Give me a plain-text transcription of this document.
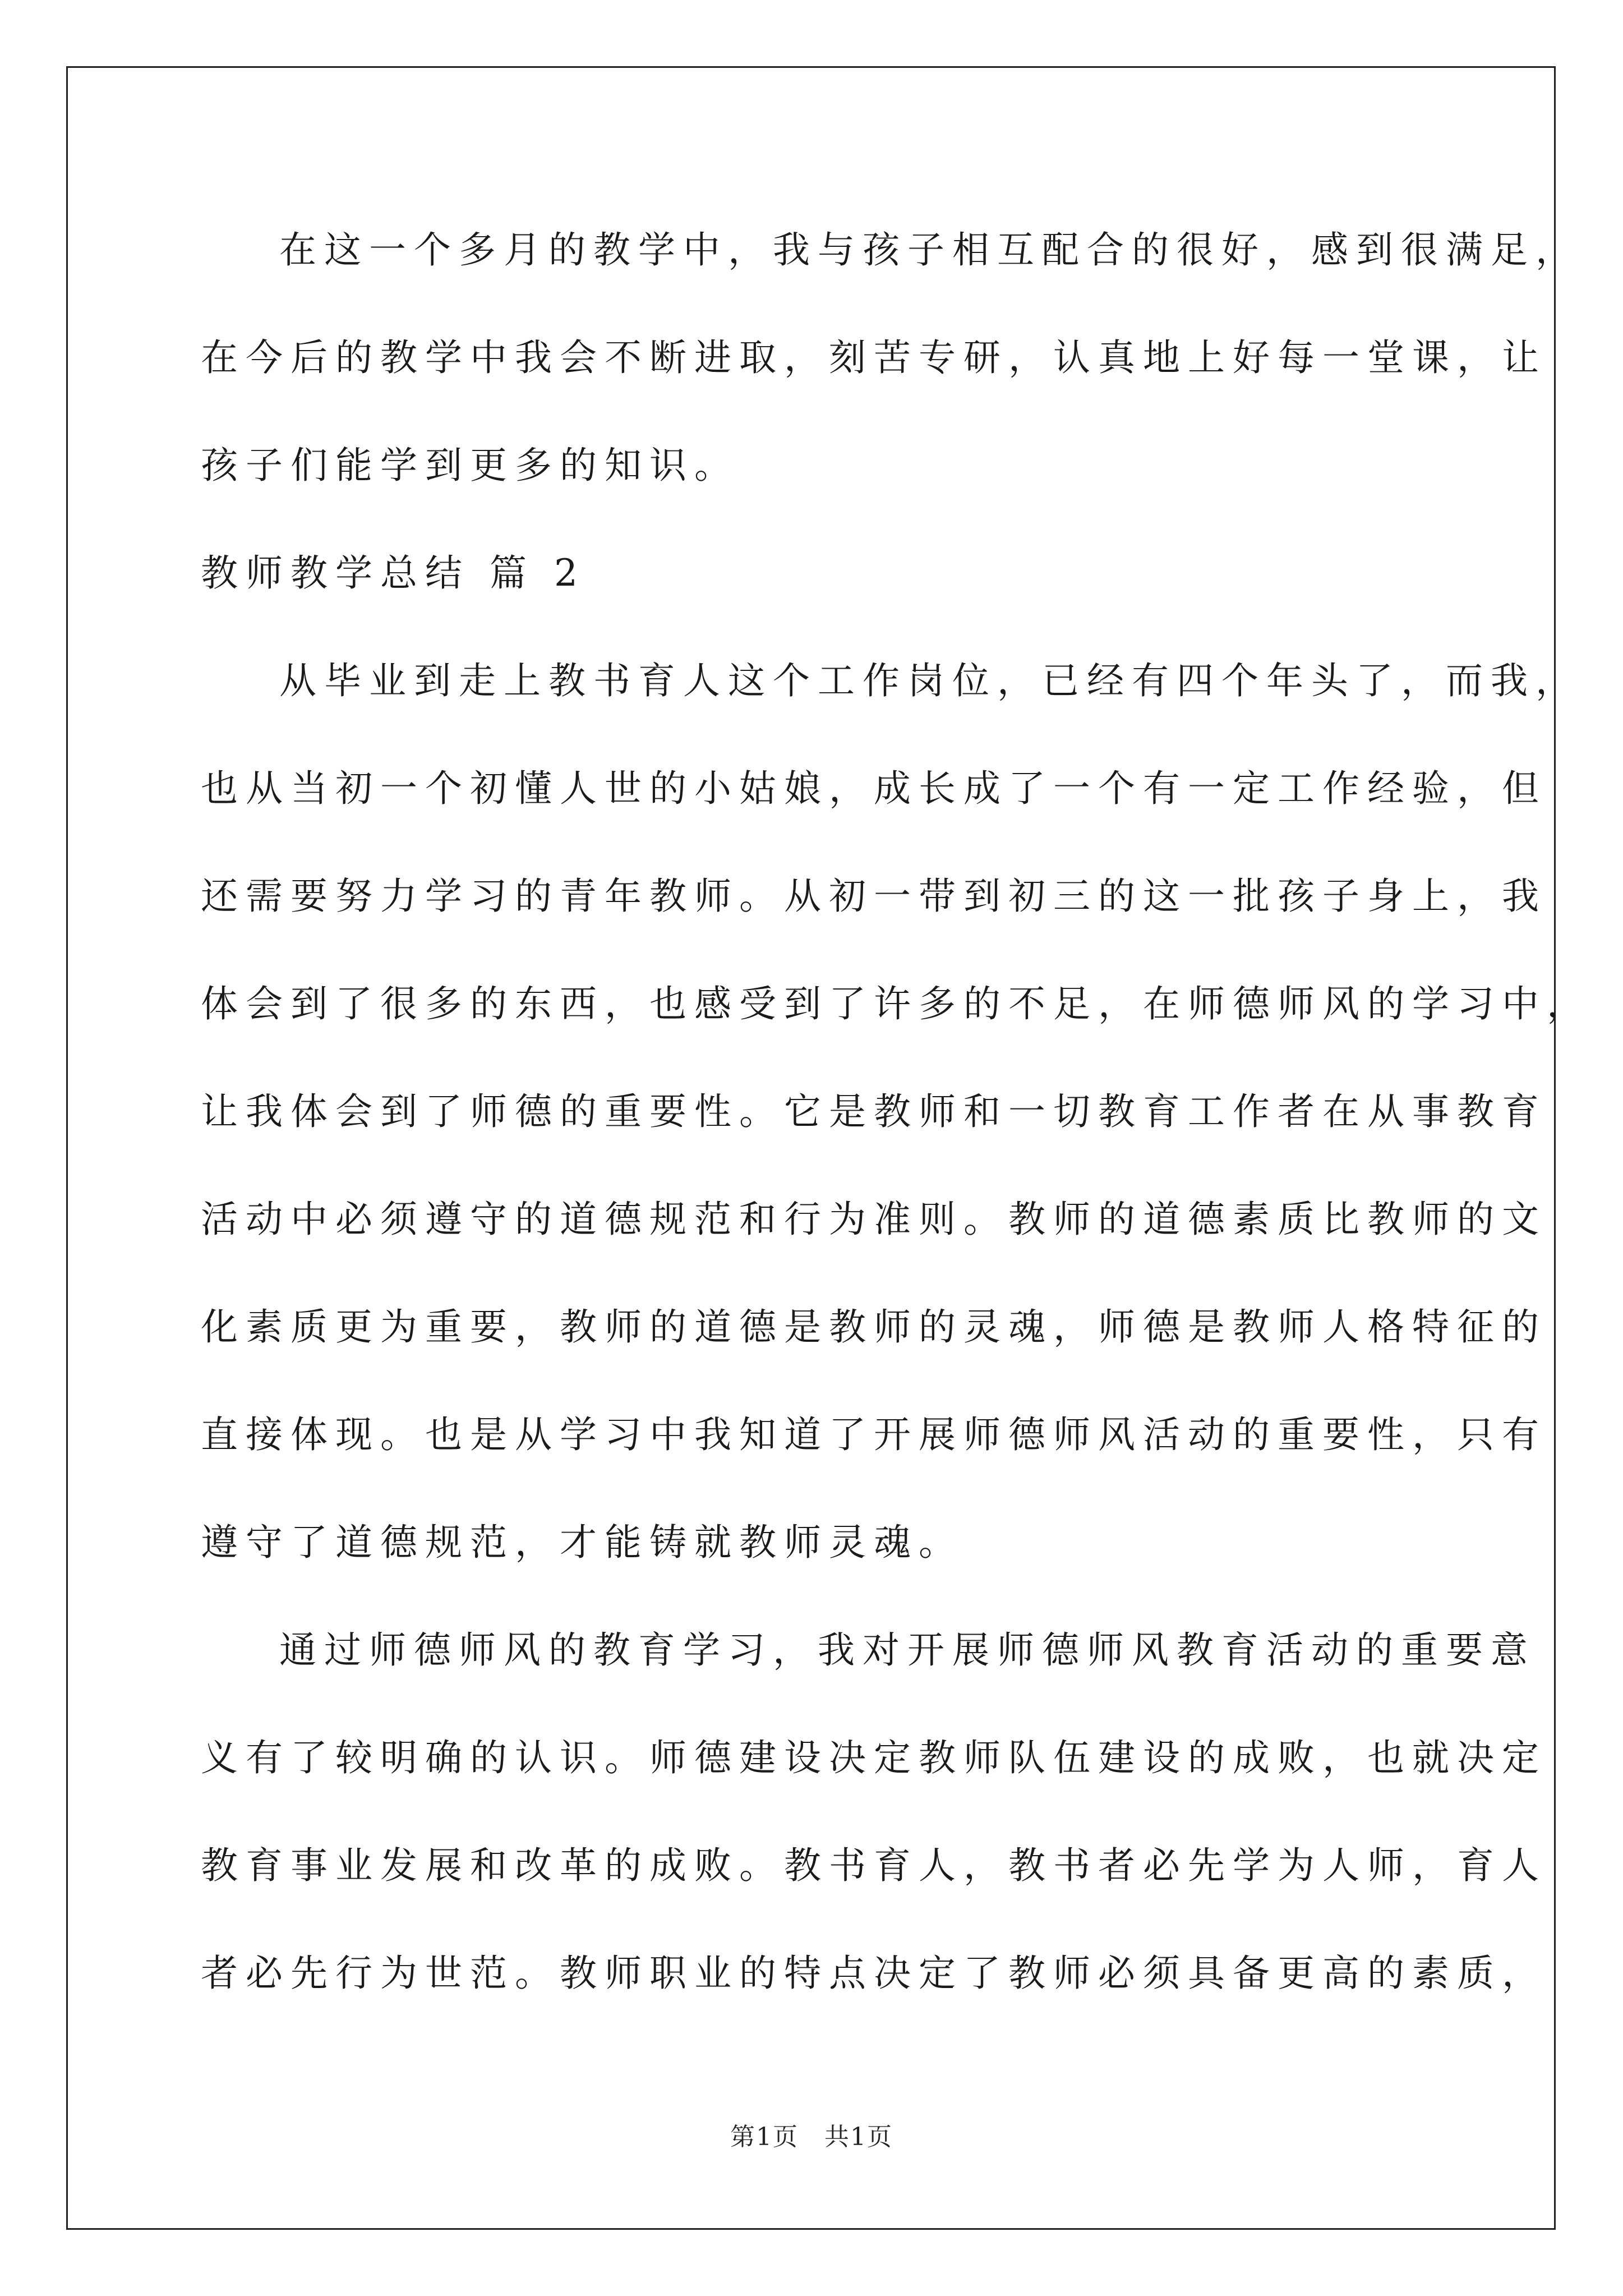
在这一个多月的教学中，我与孩子相互配合的很好，感到很满足，
在今后的教学中我会不断进取，刻苦专研，认真地上好每一堂课，让
孩子们能学到更多的知识。
教师教学总结 篇 2
从毕业到走上教书育人这个工作岗位，已经有四个年头了，而我，
也从当初一个初懂人世的小姑娘，成长成了一个有一定工作经验，但
还需要努力学习的青年教师。从初一带到初三的这一批孩子身上，我
体会到了很多的东西，也感受到了许多的不足，在师德师风的学习中，
让我体会到了师德的重要性。它是教师和一切教育工作者在从事教育
活动中必须遵守的道德规范和行为准则。教师的道德素质比教师的文
化素质更为重要，教师的道德是教师的灵魂，师德是教师人格特征的
直接体现。也是从学习中我知道了开展师德师风活动的重要性，只有
遵守了道德规范，才能铸就教师灵魂。
通过师德师风的教育学习，我对开展师德师风教育活动的重要意
义有了较明确的认识。师德建设决定教师队伍建设的成败，也就决定
教育事业发展和改革的成败。教书育人，教书者必先学为人师，育人
者必先行为世范。教师职业的特点决定了教师必须具备更高的素质，
第1页　共1页
